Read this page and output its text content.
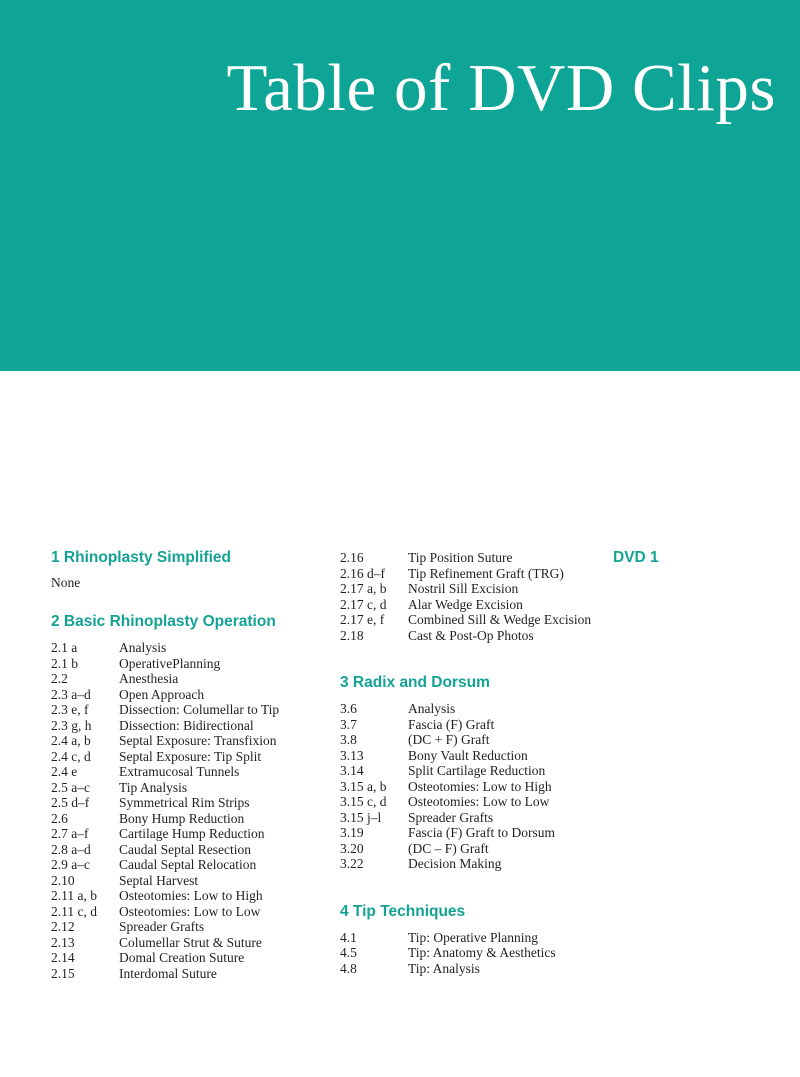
Table of DVD Clips
1 Rhinoplasty Simplified
None
2 Basic Rhinoplasty Operation
2.1 a	Analysis
2.1 b	OperativePlanning
2.2	Anesthesia
2.3 a–d	Open Approach
2.3 e, f	Dissection: Columellar to Tip
2.3 g, h	Dissection: Bidirectional
2.4 a, b	Septal Exposure: Transfixion
2.4 c, d	Septal Exposure: Tip Split
2.4 e	Extramucosal Tunnels
2.5 a–c	Tip Analysis
2.5 d–f	Symmetrical Rim Strips
2.6	Bony Hump Reduction
2.7 a–f	Cartilage Hump Reduction
2.8 a–d	Caudal Septal Resection
2.9 a–c	Caudal Septal Relocation
2.10	Septal Harvest
2.11 a, b	Osteotomies: Low to High
2.11 c, d	Osteotomies: Low to Low
2.12	Spreader Grafts
2.13	Columellar Strut & Suture
2.14	Domal Creation Suture
2.15	Interdomal Suture
2.16	Tip Position Suture
2.16 d–f	Tip Refinement Graft (TRG)
2.17 a, b	Nostril Sill Excision
2.17 c, d	Alar Wedge Excision
2.17 e, f	Combined Sill & Wedge Excision
2.18	Cast & Post-Op Photos
3 Radix and Dorsum
3.6	Analysis
3.7	Fascia (F) Graft
3.8	(DC + F) Graft
3.13	Bony Vault Reduction
3.14	Split Cartilage Reduction
3.15 a, b	Osteotomies: Low to High
3.15 c, d	Osteotomies: Low to Low
3.15 j–l	Spreader Grafts
3.19	Fascia (F) Graft to Dorsum
3.20	(DC – F) Graft
3.22	Decision Making
4 Tip Techniques
4.1	Tip: Operative Planning
4.5	Tip: Anatomy & Aesthetics
4.8	Tip: Analysis
DVD 1
